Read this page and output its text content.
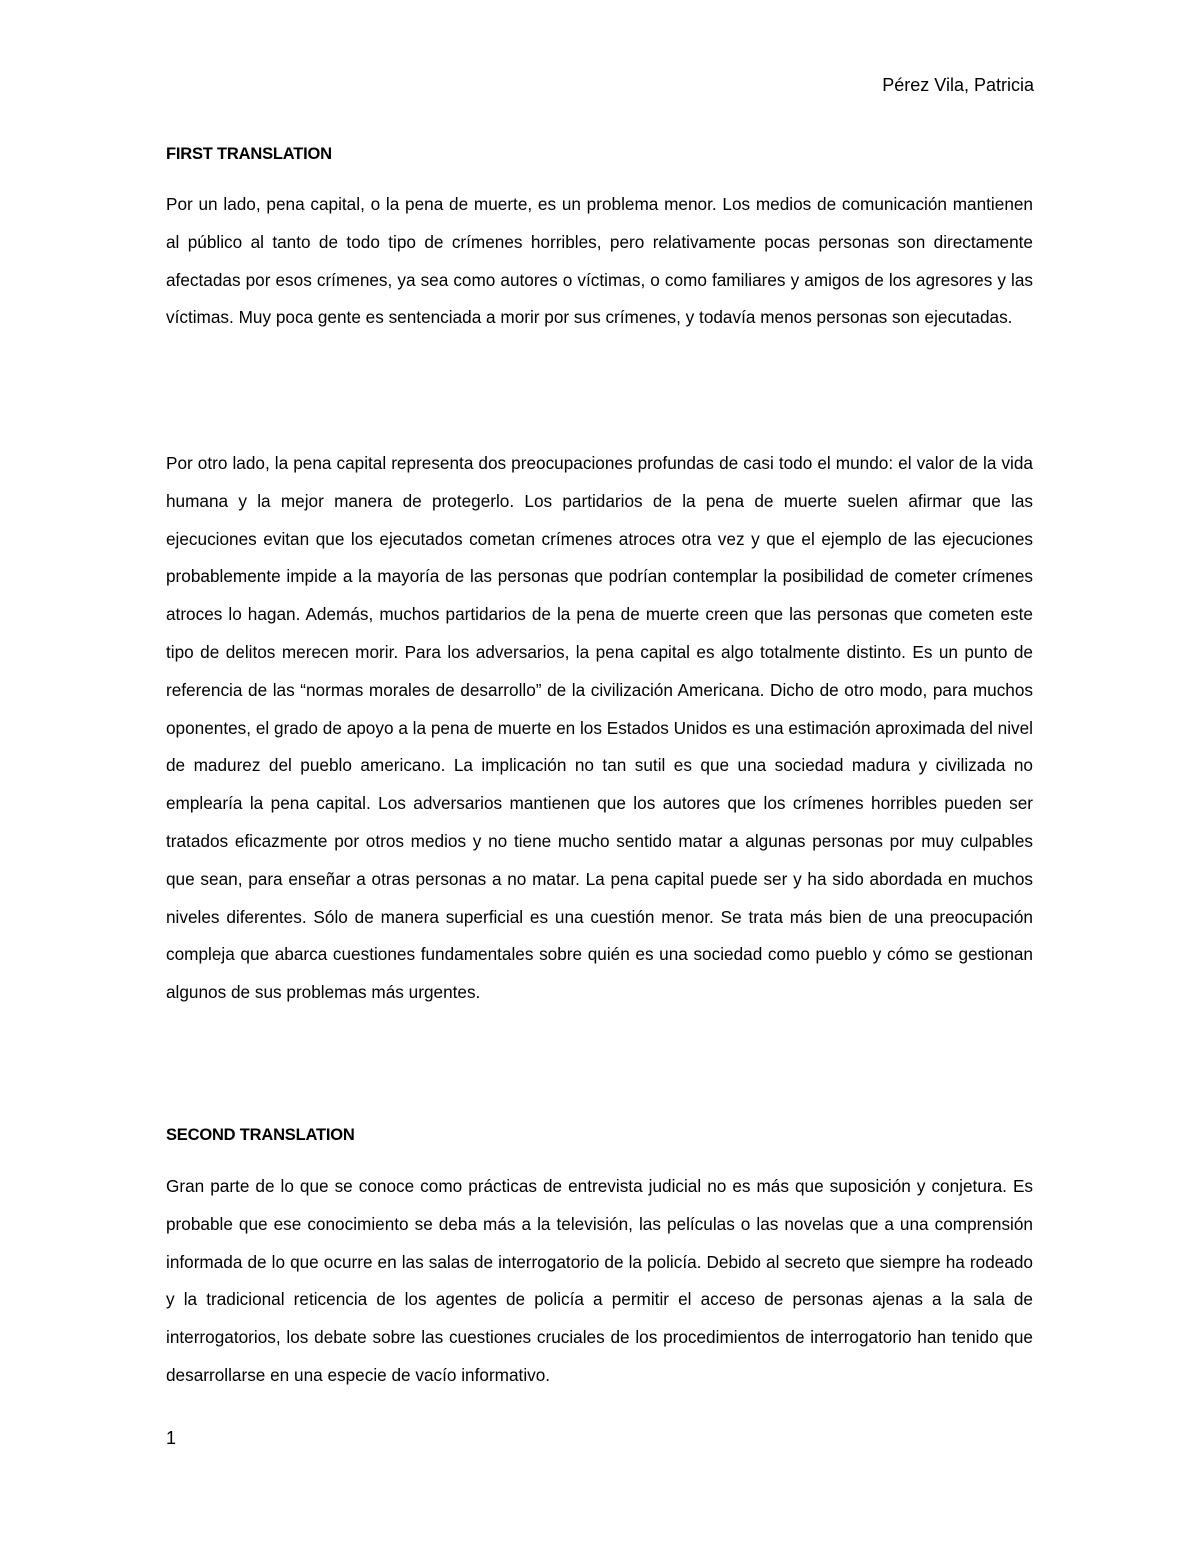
Pérez Vila, Patricia
FIRST TRANSLATION

Por un lado, pena capital, o la pena de muerte, es un problema menor. Los medios de comunicación mantienen al público al tanto de todo tipo de crímenes horribles, pero relativamente pocas personas son directamente afectadas por esos crímenes, ya sea como autores o víctimas, o como familiares y amigos de los agresores y las víctimas. Muy poca gente es sentenciada a morir por sus crímenes, y todavía menos personas son ejecutadas.

Por otro lado, la pena capital representa dos preocupaciones profundas de casi todo el mundo: el valor de la vida humana y la mejor manera de protegerlo. Los partidarios de la pena de muerte suelen afirmar que las ejecuciones evitan que los ejecutados cometan crímenes atroces otra vez y que el ejemplo de las ejecuciones probablemente impide a la mayoría de las personas que podrían contemplar la posibilidad de cometer crímenes atroces lo hagan. Además, muchos partidarios de la pena de muerte creen que las personas que cometen este tipo de delitos merecen morir. Para los adversarios, la pena capital es algo totalmente distinto. Es un punto de referencia de las “normas morales de desarrollo” de la civilización Americana. Dicho de otro modo, para muchos oponentes, el grado de apoyo a la pena de muerte en los Estados Unidos es una estimación aproximada del nivel de madurez del pueblo americano. La implicación no tan sutil es que una sociedad madura y civilizada no emplearía la pena capital. Los adversarios mantienen que los autores que los crímenes horribles pueden ser tratados eficazmente por otros medios y no tiene mucho sentido matar a algunas personas por muy culpables que sean, para enseñar a otras personas a no matar. La pena capital puede ser y ha sido abordada en muchos niveles diferentes. Sólo de manera superficial es una cuestión menor. Se trata más bien de una preocupación compleja que abarca cuestiones fundamentales sobre quién es una sociedad como pueblo y cómo se gestionan algunos de sus problemas más urgentes.

SECOND TRANSLATION

Gran parte de lo que se conoce como prácticas de entrevista judicial no es más que suposición y conjetura. Es probable que ese conocimiento se deba más a la televisión, las películas o las novelas que a una comprensión informada de lo que ocurre en las salas de interrogatorio de la policía. Debido al secreto que siempre ha rodeado y la tradicional reticencia de los agentes de policía a permitir el acceso de personas ajenas a la sala de interrogatorios, los debate sobre las cuestiones cruciales de los procedimientos de interrogatorio han tenido que desarrollarse en una especie de vacío informativo.

1
